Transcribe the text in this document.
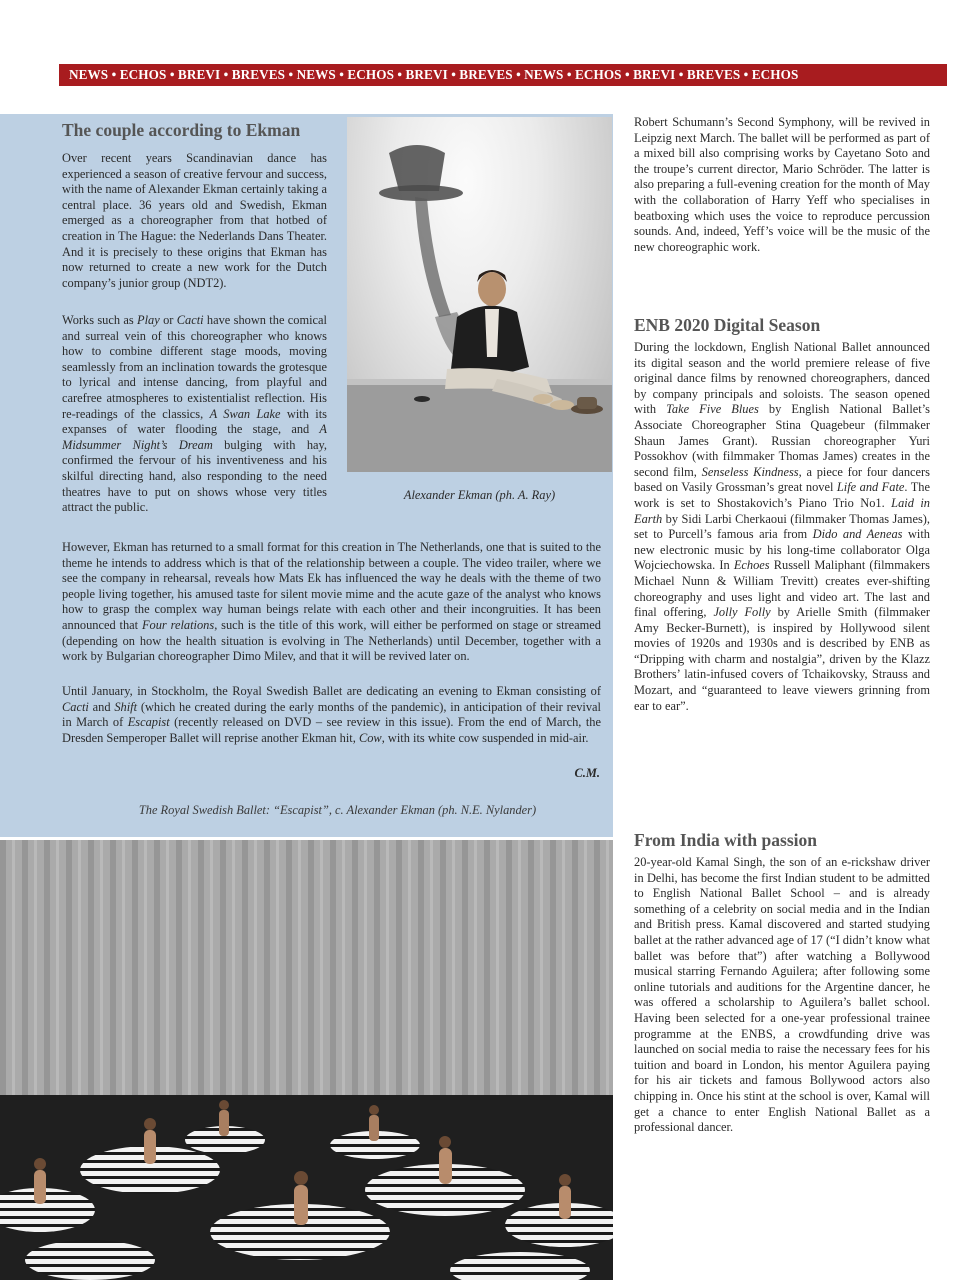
NEWS • ECHOS • BREVI • BREVES • NEWS • ECHOS • BREVI • BREVES • NEWS • ECHOS • BREVI • BREVES • ECHOS
The couple according to Ekman

Over recent years Scandinavian dance has experienced a season of creative fervour and success, with the name of Alexander Ekman certainly taking a central place. 36 years old and Swedish, Ekman emerged as a choreographer from that hotbed of creation in The Hague: the Nederlands Dans Theater. And it is precisely to these origins that Ekman has now returned to create a new work for the Dutch company’s junior group (NDT2).

Works such as Play or Cacti have shown the comical and surreal vein of this choreographer who knows how to combine different stage moods, moving seamlessly from an inclination towards the grotesque to lyrical and intense dancing, from playful and carefree atmospheres to existentialist reflection. His re-readings of the classics, A Swan Lake with its expanses of water flooding the stage, and A Midsummer Night’s Dream bulging with hay, confirmed the fervour of his inventiveness and his skilful directing hand, also responding to the need theatres have to put on shows whose very titles attract the public.

However, Ekman has returned to a small format for this creation in The Netherlands, one that is suited to the theme he intends to address which is that of the relationship between a couple. The video trailer, where we see the company in rehearsal, reveals how Mats Ek has influenced the way he deals with the theme of two people living together, his amused taste for silent movie mime and the acute gaze of the analyst who knows how to grasp the complex way human beings relate with each other and their incongruities. It has been announced that Four relations, such is the title of this work, will either be performed on stage or streamed (depending on how the health situation is evolving in The Netherlands) until December, together with a work by Bulgarian choreographer Dimo Milev, and that it will be revived later on.

Until January, in Stockholm, the Royal Swedish Ballet are dedicating an evening to Ekman consisting of Cacti and Shift (which he created during the early months of the pandemic), in anticipation of their revival in March of Escapist (recently released on DVD – see review in this issue). From the end of March, the Dresden Semperoper Ballet will reprise another Ekman hit, Cow, with its white cow suspended in mid-air.

C.M.
Alexander Ekman (ph. A. Ray)
The Royal Swedish Ballet: “Escapist”, c. Alexander Ekman (ph. N.E. Nylander)

Robert Schumann’s Second Symphony, will be revived in Leipzig next March. The ballet will be performed as part of a mixed bill also comprising works by Cayetano Soto and the troupe’s current director, Mario Schröder. The latter is also preparing a full-evening creation for the month of May with the collaboration of Harry Yeff who specialises in beatboxing which uses the voice to reproduce percussion sounds. And, indeed, Yeff’s voice will be the music of the new choreographic work.

ENB 2020 Digital Season

During the lockdown, English National Ballet announced its digital season and the world premiere release of five original dance films by renowned choreographers, danced by company principals and soloists. The season opened with Take Five Blues by English National Ballet’s Associate Choreographer Stina Quagebeur (filmmaker Shaun James Grant). Russian choreographer Yuri Possokhov (with filmmaker Thomas James) creates in the second film, Senseless Kindness, a piece for four dancers based on Vasily Grossman’s great novel Life and Fate. The work is set to Shostakovich’s Piano Trio No1. Laid in Earth by Sidi Larbi Cherkaoui (filmmaker Thomas James), set to Purcell’s famous aria from Dido and Aeneas with new electronic music by his long-time collaborator Olga Wojciechowska. In Echoes Russell Maliphant (filmmakers Michael Nunn & William Trevitt) creates ever-shifting choreography and uses light and video art. The last and final offering, Jolly Folly by Arielle Smith (filmmaker Amy Becker-Burnett), is inspired by Hollywood silent movies of 1920s and 1930s and is described by ENB as “Dripping with charm and nostalgia”, driven by the Klazz Brothers’ latin-infused covers of Tchaikovsky, Strauss and Mozart, and “guaranteed to leave viewers grinning from ear to ear”.

From India with passion

20-year-old Kamal Singh, the son of an e-rickshaw driver in Delhi, has become the first Indian student to be admitted to English National Ballet School – and is already something of a celebrity on social media and in the Indian and British press. Kamal discovered and started studying ballet at the rather advanced age of 17 (“I didn’t know what ballet was before that”) after watching a Bollywood musical starring Fernando Aguilera; after following some online tutorials and auditions for the Argentine dancer, he was offered a scholarship to Aguilera’s ballet school. Having been selected for a one-year professional trainee programme at the ENBS, a crowdfunding drive was launched on social media to raise the necessary fees for his tuition and board in London, his mentor Aguilera paying for his air tickets and famous Bollywood actors also chipping in. Once his stint at the school is over, Kamal will get a chance to enter English National Ballet as a professional dancer.
